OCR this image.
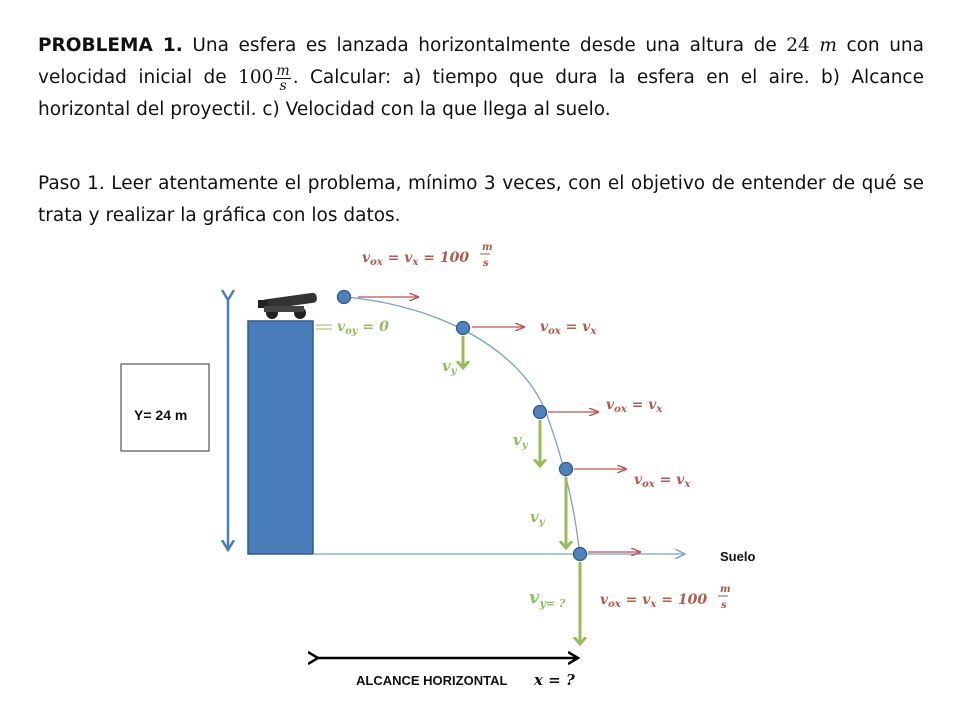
PROBLEMA 1. Una esfera es lanzada horizontalmente desde una altura de 24 m con una velocidad inicial de $100 \frac{m}{s}$ . Calcular: a) tiempo que dura la esfera en el aire. b) Alcance horizontal del proyectil. c) Velocidad con la que llega al suelo.
Paso 1. Leer atentamente el problema, mínimo 3 veces, con el objetivo de entender de qué se trata y realizar la gráfica con los datos.
$v_{ox} = v_x = 100$
m
s
Y= 24 m
$v_{oy} = 0$
Suelo
$v_{ox} = v_x$
$v_{ox} = v_x$
$v_{ox} = v_x$
$v_y$
$v_y$
$v_y$
$v_{y= ?}$ $v_{ox} = v_x = 100$
m
s
ALCANCE HORIZONTAL x = ?
